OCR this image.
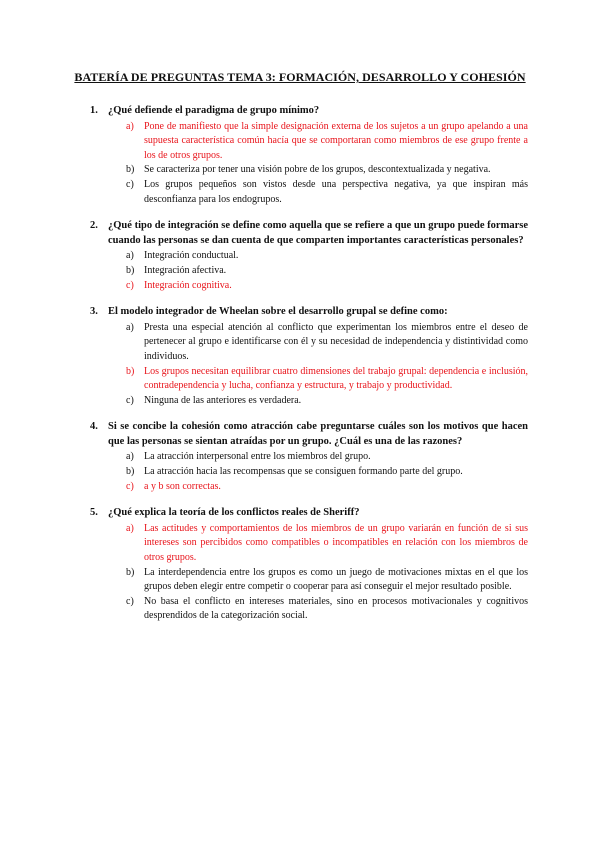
BATERÍA DE PREGUNTAS TEMA 3: FORMACIÓN, DESARROLLO Y COHESIÓN
1. ¿Qué defiende el paradigma de grupo mínimo?
a) Pone de manifiesto que la simple designación externa de los sujetos a un grupo apelando a una supuesta característica común hacía que se comportaran como miembros de ese grupo frente a los de otros grupos.
b) Se caracteriza por tener una visión pobre de los grupos, descontextualizada y negativa.
c) Los grupos pequeños son vistos desde una perspectiva negativa, ya que inspiran más desconfianza para los endogrupos.
2. ¿Qué tipo de integración se define como aquella que se refiere a que un grupo puede formarse cuando las personas se dan cuenta de que comparten importantes características personales?
a) Integración conductual.
b) Integración afectiva.
c) Integración cognitiva.
3. El modelo integrador de Wheelan sobre el desarrollo grupal se define como:
a) Presta una especial atención al conflicto que experimentan los miembros entre el deseo de pertenecer al grupo e identificarse con él y su necesidad de independencia y distintividad como individuos.
b) Los grupos necesitan equilibrar cuatro dimensiones del trabajo grupal: dependencia e inclusión, contradependencia y lucha, confianza y estructura, y trabajo y productividad.
c) Ninguna de las anteriores es verdadera.
4. Si se concibe la cohesión como atracción cabe preguntarse cuáles son los motivos que hacen que las personas se sientan atraídas por un grupo. ¿Cuál es una de las razones?
a) La atracción interpersonal entre los miembros del grupo.
b) La atracción hacia las recompensas que se consiguen formando parte del grupo.
c) a y b son correctas.
5. ¿Qué explica la teoría de los conflictos reales de Sheriff?
a) Las actitudes y comportamientos de los miembros de un grupo variarán en función de si sus intereses son percibidos como compatibles o incompatibles en relación con los miembros de otros grupos.
b) La interdependencia entre los grupos es como un juego de motivaciones mixtas en el que los grupos deben elegir entre competir o cooperar para así conseguir el mejor resultado posible.
c) No basa el conflicto en intereses materiales, sino en procesos motivacionales y cognitivos desprendidos de la categorización social.
